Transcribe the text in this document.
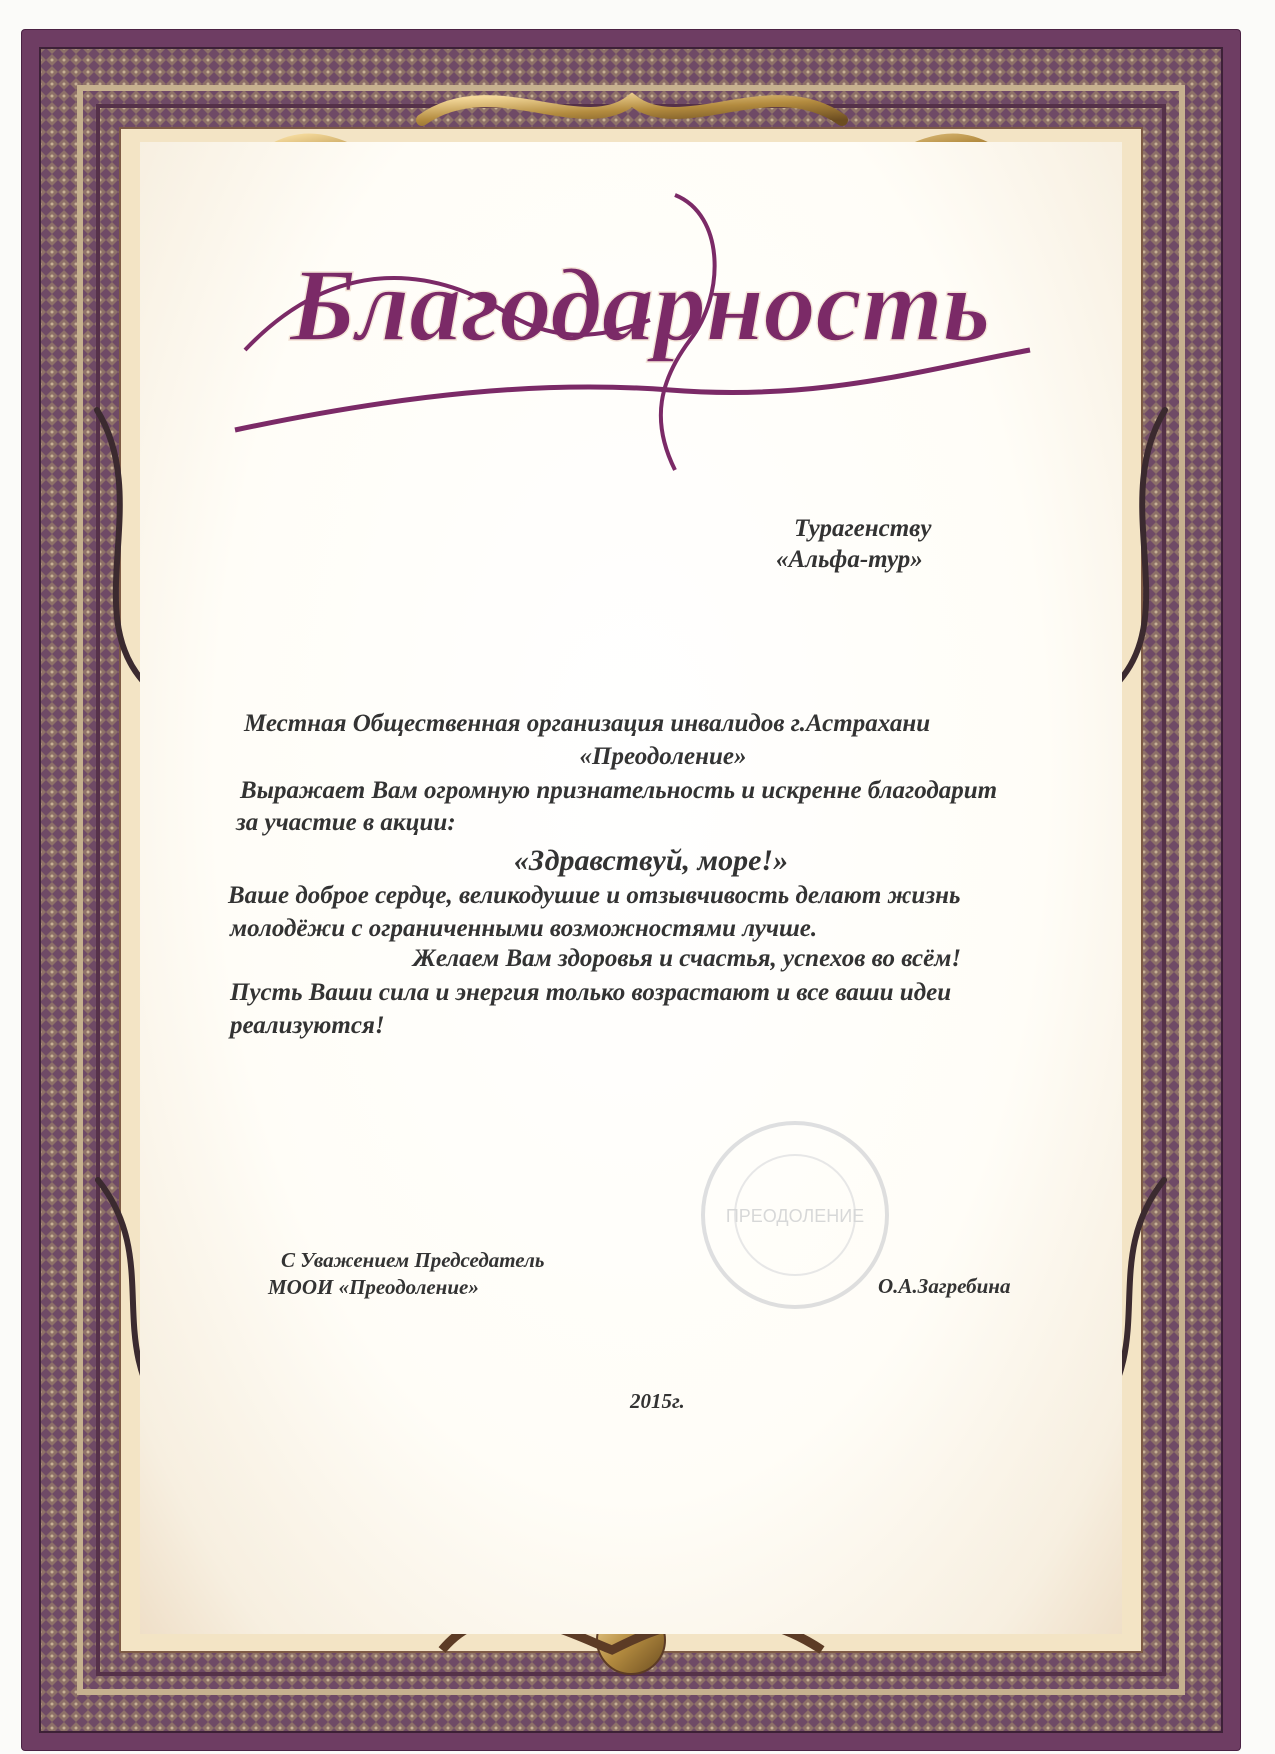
Благодарность
Турагенству
«Альфа-тур»
Местная Общественная организация инвалидов г.Астрахани
«Преодоление»
Выражает Вам огромную признательность и искренне благодарит
за участие в акции:
«Здравствуй, море!»
Ваше доброе сердце, великодушие и отзывчивость делают жизнь
молодёжи с ограниченными возможностями лучше.
Желаем Вам здоровья и счастья, успехов во всём!
Пусть Ваши сила и энергия только возрастают и все ваши идеи
реализуются!
ПРЕОДОЛЕНИЕ
С Уважением Председатель
МООИ «Преодоление»	О.А.Загребина
2015г.
